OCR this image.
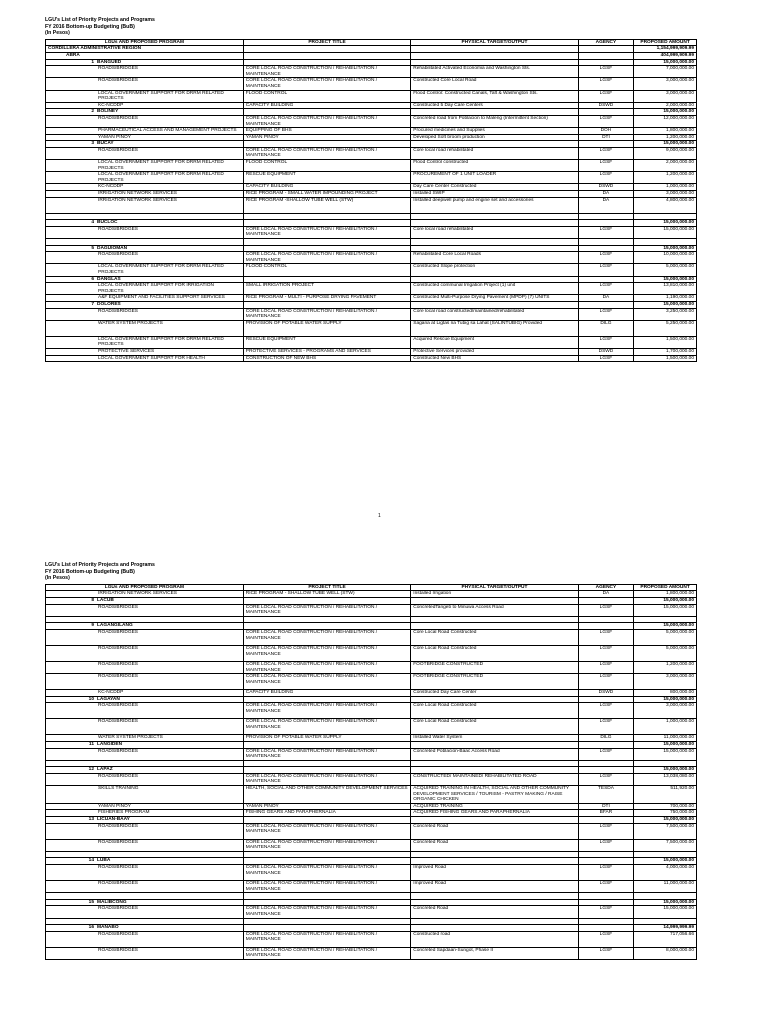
LGU's List of Priority Projects and Programs
FY 2016 Bottom-up Budgeting (BuB)
(In Pesos)
LGUs AND PROPOSED PROGRAM	PROJECT TITLE	PHYSICAL TARGET/OUTPUT	AGENCY	PROPOSED AMOUNT
CORDILLERA ADMINISTRATIVE REGION				1,154,999,909.99
ABRA				404,999,909.99
1 BANGUED				15,000,000.00
ROADS/BRIDGES	CORE LOCAL ROAD CONSTRUCTION / REHABILITATION / MAINTENANCE	Rehabilitated Activated Economia and Washington Sts.	LGSF	7,000,000.00
ROADS/BRIDGES	CORE LOCAL ROAD CONSTRUCTION / REHABILITATION / MAINTENANCE	Constructed Core Local Road	LGSF	3,000,000.00
LOCAL GOVERNMENT SUPPORT FOR DRRM RELATED PROJECTS	FLOOD CONTROL	Flood Control: Constructed Canals, Taft & Washington Sts.	LGSF	3,000,000.00
KC-NCDDP	CAPACITY BUILDING	Constructed 5 Day Care Centers	DSWD	2,000,000.00
2 BOLINEY				15,000,000.00
ROADS/BRIDGES	CORE LOCAL ROAD CONSTRUCTION / REHABILITATION / MAINTENANCE	Concreted road from Poblacion to Maleng (Intermittent Section)	LGSF	12,000,000.00
PHARMACEUTICAL ACCESS AND MANAGEMENT PROJECTS	EQUIPPING OF BHS	Procured medicines and Supplies	DOH	1,800,000.00
YAMAN PINOY	YAMAN PINOY	Developed Soft broom production	DTI	1,200,000.00
3 BUCAY				15,000,000.00
ROADS/BRIDGES	CORE LOCAL ROAD CONSTRUCTION / REHABILITATION / MAINTENANCE	Core local road rehabilitated	LGSF	9,000,000.00
LOCAL GOVERNMENT SUPPORT FOR DRRM RELATED PROJECTS	FLOOD CONTROL	Flood Control constructed	LGSF	2,000,000.00
LOCAL GOVERNMENT SUPPORT FOR DRRM RELATED PROJECTS	RESCUE EQUIPMENT	PROCUREMENT OF 1 UNIT LOADER	LGSF	1,200,000.00
KC-NCDDP	CAPACITY BUILDING	Day Care Center Constructed	DSWD	1,000,000.00
IRRIGATION NETWORK SERVICES	RICE PROGRAM - SMALL WATER IMPOUNDING PROJECT	Installed SWIP	DA	3,000,000.00
IRRIGATION NETWORK SERVICES	RICE PROGRAM -SHALLOW TUBE WELL (STW)	Installed deepwell pump and engine set and accessories	DA	4,800,000.00

4 BUCLOC				15,000,000.00
ROADS/BRIDGES	CORE LOCAL ROAD CONSTRUCTION / REHABILITATION / MAINTENANCE	Core local road rehabilitated	LGSF	15,000,000.00

5 DAGUIOMAN				15,000,000.00
ROADS/BRIDGES	CORE LOCAL ROAD CONSTRUCTION / REHABILITATION / MAINTENANCE	Rehabilitated Core Local Roads	LGSF	10,000,000.00
LOCAL GOVERNMENT SUPPORT FOR DRRM RELATED PROJECTS	FLOOD CONTROL	Constructed Slope protection	LGSF	5,000,000.00
6 DANGLAS				15,000,000.00
LOCAL GOVERNMENT SUPPORT FOR IRRIGATION PROJECTS	SMALL IRRIGATION PROJECT	Constructed communal Irrigation Project (1) unit	LGSF	13,810,000.00
A&F EQUIPMENT AND FACILITIES SUPPORT SERVICES	RICE PROGRAM - MULTI - PURPOSE DRYING PAVEMENT	Constructed Multi-Purpose Drying Pavement (MPDP) (7) UNITS	DA	1,190,000.00
7 DOLORES				15,000,000.00
ROADS/BRIDGES	CORE LOCAL ROAD CONSTRUCTION / REHABILITATION / MAINTENANCE	Core local road constructed/maintained/rehabilitated	LGSF	3,250,000.00
WATER SYSTEM PROJECTS	PROVISION OF POTABLE WATER SUPPLY	Sagana at Ligtas na Tubig sa Lahat (SALINTUBIG) Provided	DILG	5,250,000.00
LOCAL GOVERNMENT SUPPORT FOR DRRM RELATED PROJECTS	RESCUE EQUIPMENT	Acquired Rescue Equipment	LGSF	1,500,000.00
PROTECTIVE SERVICES	PROTECTIVE SERVICES - PROGRAMS AND SERVICES	Protective Services provided	DSWD	1,700,000.00
LOCAL GOVERNMENT SUPPORT FOR HEALTH	CONSTRUCTION OF NEW BHS	Constructed New BHS	LGSF	1,500,000.00
1
LGU's List of Priority Projects and Programs
FY 2016 Bottom-up Budgeting (BuB)
(In Pesos)
LGUs AND PROPOSED PROGRAM	PROJECT TITLE	PHYSICAL TARGET/OUTPUT	AGENCY	PROPOSED AMOUNT
IRRIGATION NETWORK SERVICES	RICE PROGRAM - SHALLOW TUBE WELL (STW)	Installed Irrigation	DA	1,800,000.00
8 LACUB				15,000,000.00
ROADS/BRIDGES	CORE LOCAL ROAD CONSTRUCTION / REHABILITATION / MAINTENANCE	ConcretedTangeb to Minuwa Access Road	LGSF	15,000,000.00

9 LAGANGILANG				15,000,000.00
ROADS/BRIDGES	CORE LOCAL ROAD CONSTRUCTION / REHABILITATION / MAINTENANCE	Core Local Road Constructed	LGSF	5,000,000.00
ROADS/BRIDGES	CORE LOCAL ROAD CONSTRUCTION / REHABILITATION / MAINTENANCE	Core Local Road Constructed	LGSF	5,000,000.00
ROADS/BRIDGES	CORE LOCAL ROAD CONSTRUCTION / REHABILITATION / MAINTENANCE	FOOTBRIDGE CONSTRUCTED	LGSF	1,200,000.00
ROADS/BRIDGES	CORE LOCAL ROAD CONSTRUCTION / REHABILITATION / MAINTENANCE	FOOTBRIDGE CONSTRUCTED	LGSF	3,000,000.00
KC-NCDDP	CAPACITY BUILDING	Constructed Day Care Center	DSWD	800,000.00
10 LAGAYAN				15,000,000.00
ROADS/BRIDGES	CORE LOCAL ROAD CONSTRUCTION / REHABILITATION / MAINTENANCE	Core Local Road Constructed	LGSF	3,000,000.00
ROADS/BRIDGES	CORE LOCAL ROAD CONSTRUCTION / REHABILITATION / MAINTENANCE	Core Local Road Constructed	LGSF	1,000,000.00
WATER SYSTEM PROJECTS	PROVISION OF POTABLE WATER SUPPLY	Installed Water System	DILG	11,000,000.00
11 LANGIDEN				15,000,000.00
ROADS/BRIDGES	CORE LOCAL ROAD CONSTRUCTION / REHABILITATION / MAINTENANCE	Concreted Poblacion-Baac Access Road	LGSF	15,000,000.00

12 LAPAZ				15,000,000.00
ROADS/BRIDGES	CORE LOCAL ROAD CONSTRUCTION / REHABILITATION / MAINTENANCE	CONSTRUCTED/ MAINTAINED/ REHABILITATED ROAD	LGSF	13,038,080.00
SKILLS TRAINING	HEALTH, SOCIAL AND OTHER COMMUNITY DEVELOPMENT SERVICES	ACQUIRED TRAINING IN HEALTH, SOCIAL AND OTHER COMMUNITY DEVELOPMENT SERVICES / TOURISM - PASTRY MAKING / RAISE ORGANIC CHICKEN	TESDA	511,920.00
YAMAN PINOY	YAMAN PINOY	ACQUIRED TRAINING	DTI	700,000.00
FISHERIES PROGRAM	FISHING GEARS AND PARAPHERNALIA	ACQUIRED FISHING GEARS AND PARAPHERNALIA	BFAR	750,000.00
13 LICUAN-BAAY				15,000,000.00
ROADS/BRIDGES	CORE LOCAL ROAD CONSTRUCTION / REHABILITATION / MAINTENANCE	Concreted Road	LGSF	7,500,000.00
ROADS/BRIDGES	CORE LOCAL ROAD CONSTRUCTION / REHABILITATION / MAINTENANCE	Concreted Road	LGSF	7,500,000.00

14 LUBA				15,000,000.00
ROADS/BRIDGES	CORE LOCAL ROAD CONSTRUCTION / REHABILITATION / MAINTENANCE	Improved Road	LGSF	4,000,000.00
ROADS/BRIDGES	CORE LOCAL ROAD CONSTRUCTION / REHABILITATION / MAINTENANCE	Improved Road	LGSF	11,000,000.00

15 MALIBCONG				15,000,000.00
ROADS/BRIDGES	CORE LOCAL ROAD CONSTRUCTION / REHABILITATION / MAINTENANCE	Concreted Road	LGSF	15,000,000.00

16 MANABO				14,999,999.99
ROADS/BRIDGES	CORE LOCAL ROAD CONSTRUCTION / REHABILITATION / MAINTENANCE	Constructed road	LGSF	717,056.66
ROADS/BRIDGES	CORE LOCAL ROAD CONSTRUCTION / REHABILITATION / MAINTENANCE	Concreted Sapdaan-Sungot, Phase II	LGSF	8,000,000.00
